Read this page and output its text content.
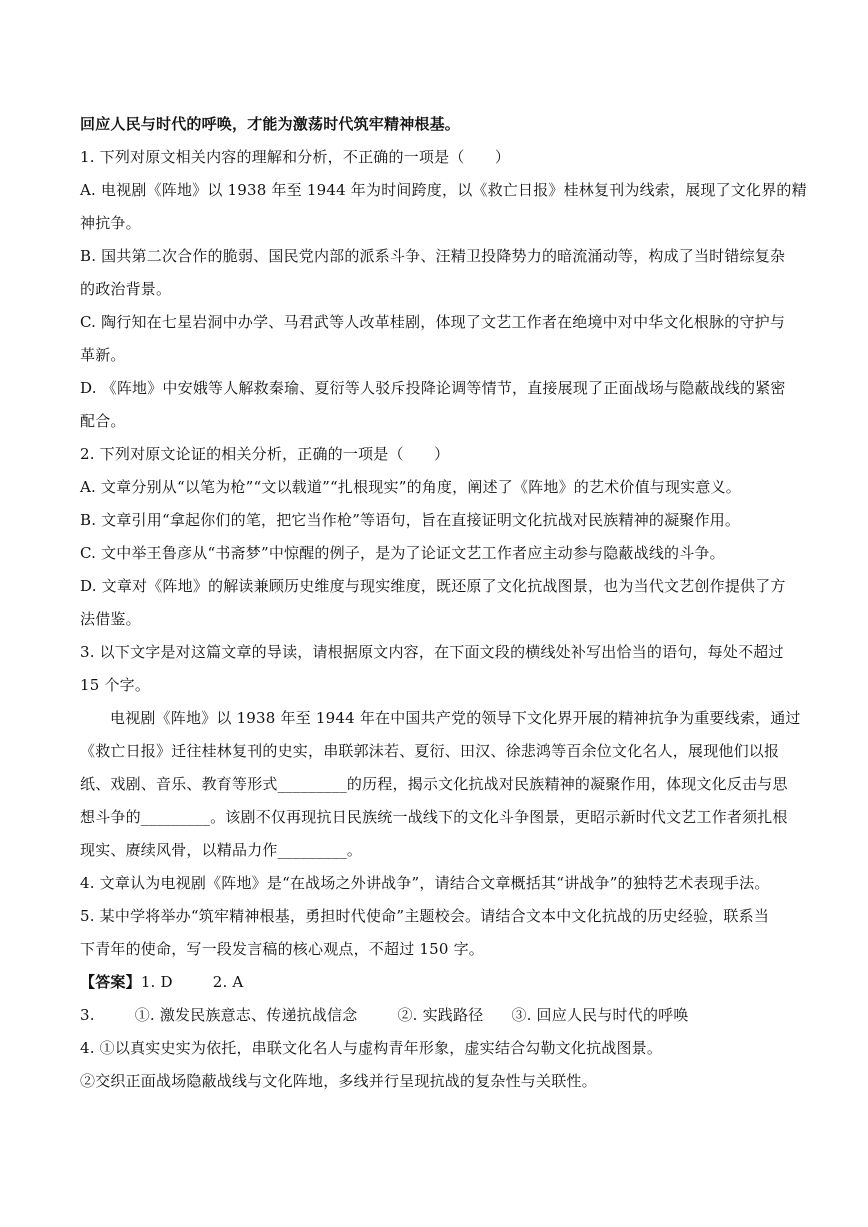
回应人民与时代的呼唤，才能为激荡时代筑牢精神根基。
1. 下列对原文相关内容的理解和分析，不正确的一项是（　　）
A. 电视剧《阵地》以 1938 年至 1944 年为时间跨度，以《救亡日报》桂林复刊为线索，展现了文化界的精
神抗争。
B. 国共第二次合作的脆弱、国民党内部的派系斗争、汪精卫投降势力的暗流涌动等，构成了当时错综复杂
的政治背景。
C. 陶行知在七星岩洞中办学、马君武等人改革桂剧，体现了文艺工作者在绝境中对中华文化根脉的守护与
革新。
D. 《阵地》中安娥等人解救秦瑜、夏衍等人驳斥投降论调等情节，直接展现了正面战场与隐蔽战线的紧密
配合。
2. 下列对原文论证的相关分析，正确的一项是（　　）
A. 文章分别从“以笔为枪”“文以载道”“扎根现实”的角度，阐述了《阵地》的艺术价值与现实意义。
B. 文章引用“拿起你们的笔，把它当作枪”等语句，旨在直接证明文化抗战对民族精神的凝聚作用。
C. 文中举王鲁彦从“书斋梦”中惊醒的例子，是为了论证文艺工作者应主动参与隐蔽战线的斗争。
D. 文章对《阵地》的解读兼顾历史维度与现实维度，既还原了文化抗战图景，也为当代文艺创作提供了方
法借鉴。
3. 以下文字是对这篇文章的导读，请根据原文内容，在下面文段的横线处补写出恰当的语句，每处不超过
15 个字。
电视剧《阵地》以 1938 年至 1944 年在中国共产党的领导下文化界开展的精神抗争为重要线索，通过
《救亡日报》迁往桂林复刊的史实，串联郭沫若、夏衍、田汉、徐悲鸿等百余位文化名人，展现他们以报
纸、戏剧、音乐、教育等形式_________的历程，揭示文化抗战对民族精神的凝聚作用，体现文化反击与思
想斗争的_________。该剧不仅再现抗日民族统一战线下的文化斗争图景，更昭示新时代文艺工作者须扎根
现实、赓续风骨，以精品力作_________。
4. 文章认为电视剧《阵地》是“在战场之外讲战争”，请结合文章概括其“讲战争”的独特艺术表现手法。
5. 某中学将举办“筑牢精神根基，勇担时代使命”主题校会。请结合文本中文化抗战的历史经验，联系当
下青年的使命，写一段发言稿的核心观点，不超过 150 字。
【答案】1. D	2. A
3.	①. 激发民族意志、传递抗战信念	②. 实践路径 ③. 回应人民与时代的呼唤
4. ①以真实史实为依托，串联文化名人与虚构青年形象，虚实结合勾勒文化抗战图景。
②交织正面战场隐蔽战线与文化阵地，多线并行呈现抗战的复杂性与关联性。
